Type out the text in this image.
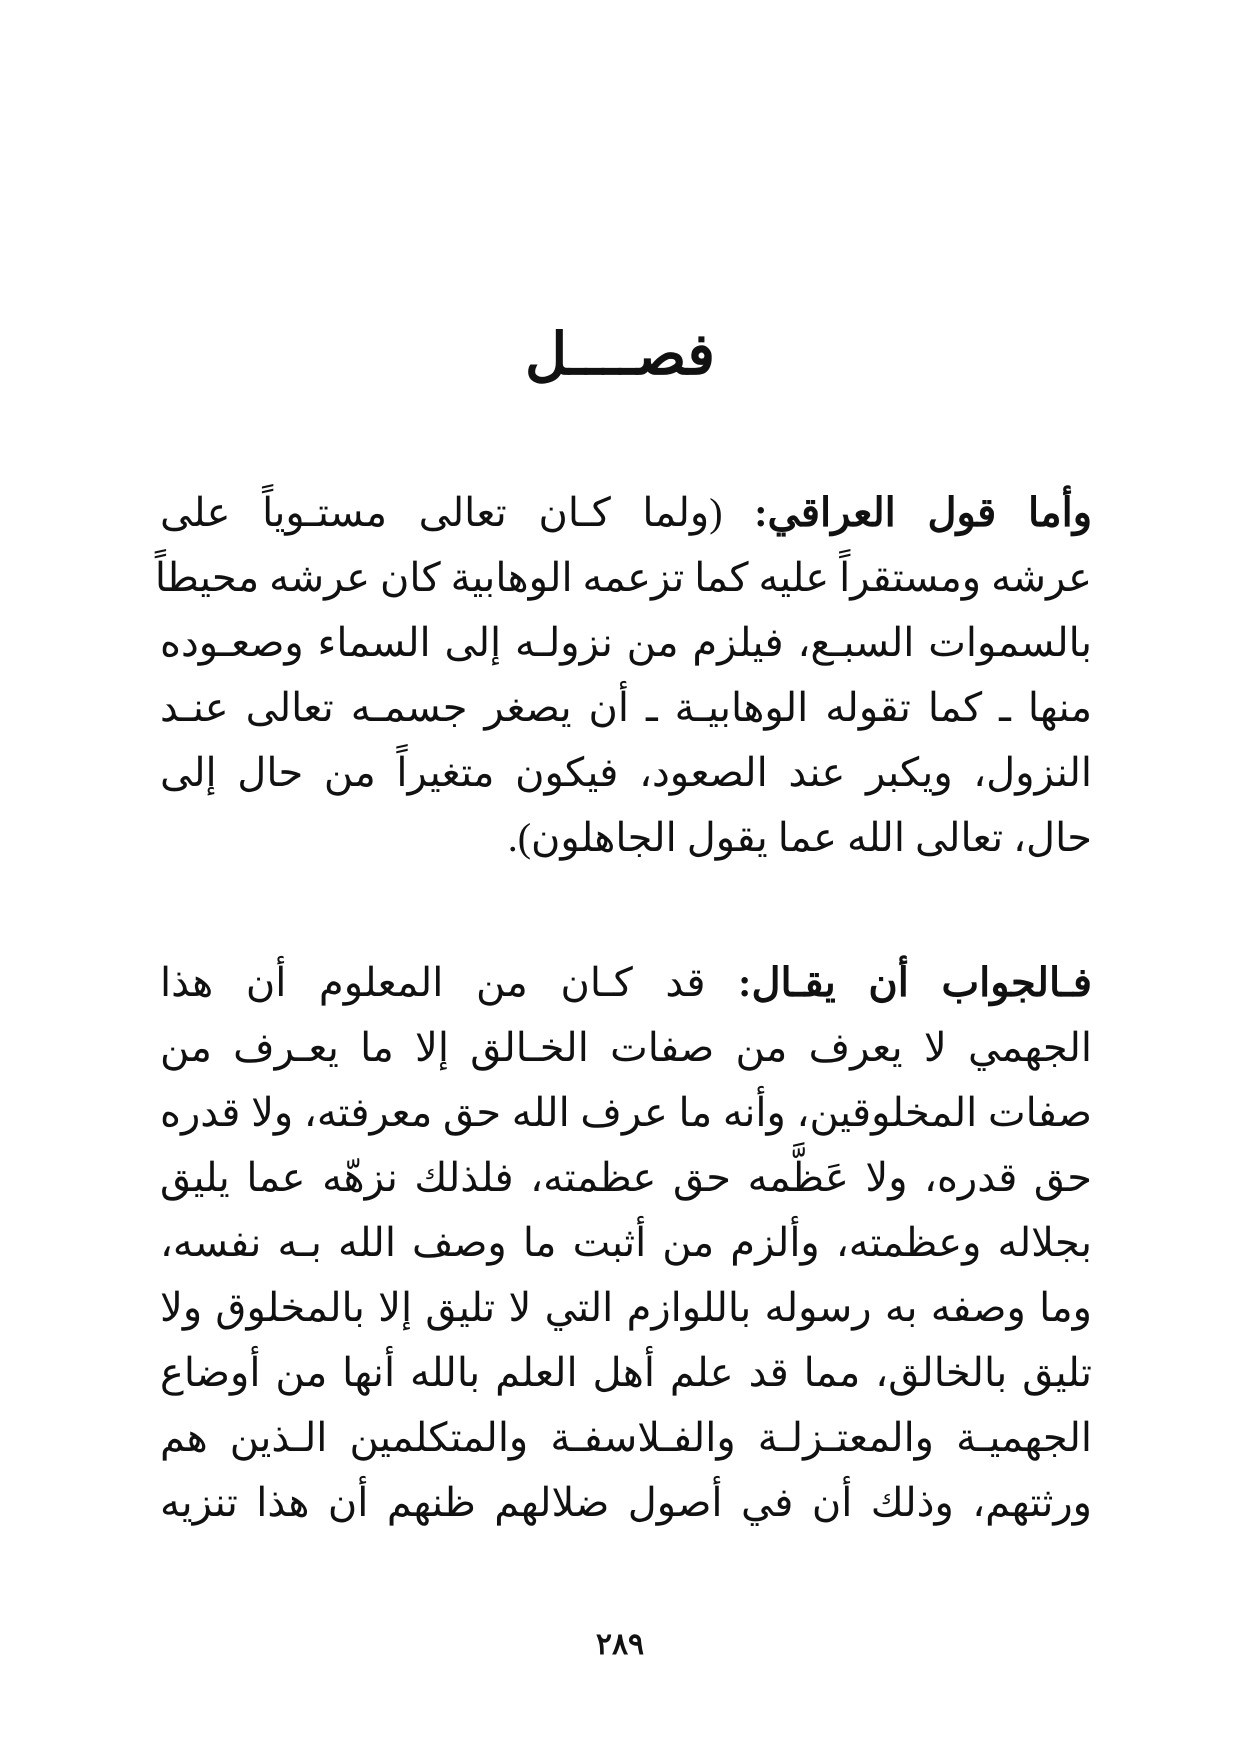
فصــــل
وأما قول العراقي: (ولما كـان تعالى مستـوياً على
عرشه ومستقراً عليه كما تزعمه الوهابية كان عرشه محيطاً
بالسموات السبـع، فيلزم من نزولـه إلى السماء وصعـوده
منها ـ كما تقوله الوهابيـة ـ أن يصغر جسمـه تعالى عنـد
النزول، ويكبر عند الصعود، فيكون متغيراً من حال إلى
حال، تعالى الله عما يقول الجاهلون).
فـالجواب أن يقـال: قد كـان من المعلوم أن هذا
الجهمي لا يعرف من صفات الخـالق إلا ما يعـرف من
صفات المخلوقين، وأنه ما عرف الله حق معرفته، ولا قدره
حق قدره، ولا عَظَّمه حق عظمته، فلذلك نزهّه عما يليق
بجلاله وعظمته، وألزم من أثبت ما وصف الله بـه نفسه،
وما وصفه به رسوله باللوازم التي لا تليق إلا بالمخلوق ولا
تليق بالخالق، مما قد علم أهل العلم بالله أنها من أوضاع
الجهميـة والمعتـزلـة والفـلاسفـة والمتكلمين الـذين هم
ورثتهم، وذلك أن في أصول ضلالهم ظنهم أن هذا تنزيه
٢٨٩
